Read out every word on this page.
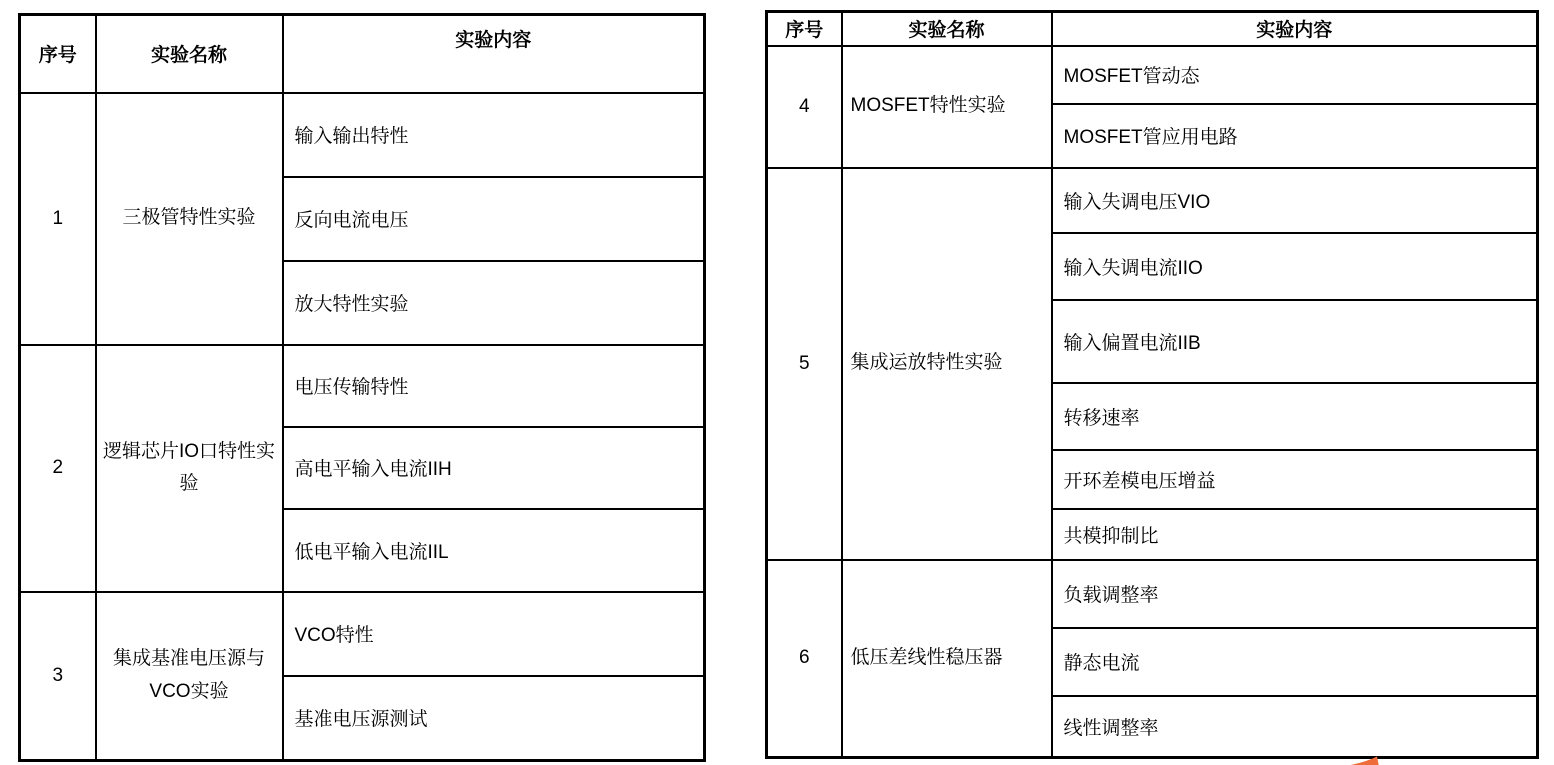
序号	实验名称	实验内容
1	三极管特性实验	输入输出特性
		反向电流电压
		放大特性实验
2	逻辑芯片IO口特性实验	电压传输特性
		高电平输入电流IIH
		低电平输入电流IIL
3	集成基准电压源与VCO实验	VCO特性
		基准电压源测试
序号	实验名称	实验内容
4	MOSFET特性实验	MOSFET管动态
		MOSFET管应用电路
5	集成运放特性实验	输入失调电压VIO
		输入失调电流IIO
		输入偏置电流IIB
		转移速率
		开环差模电压增益
		共模抑制比
6	低压差线性稳压器	负载调整率
		静态电流
		线性调整率
